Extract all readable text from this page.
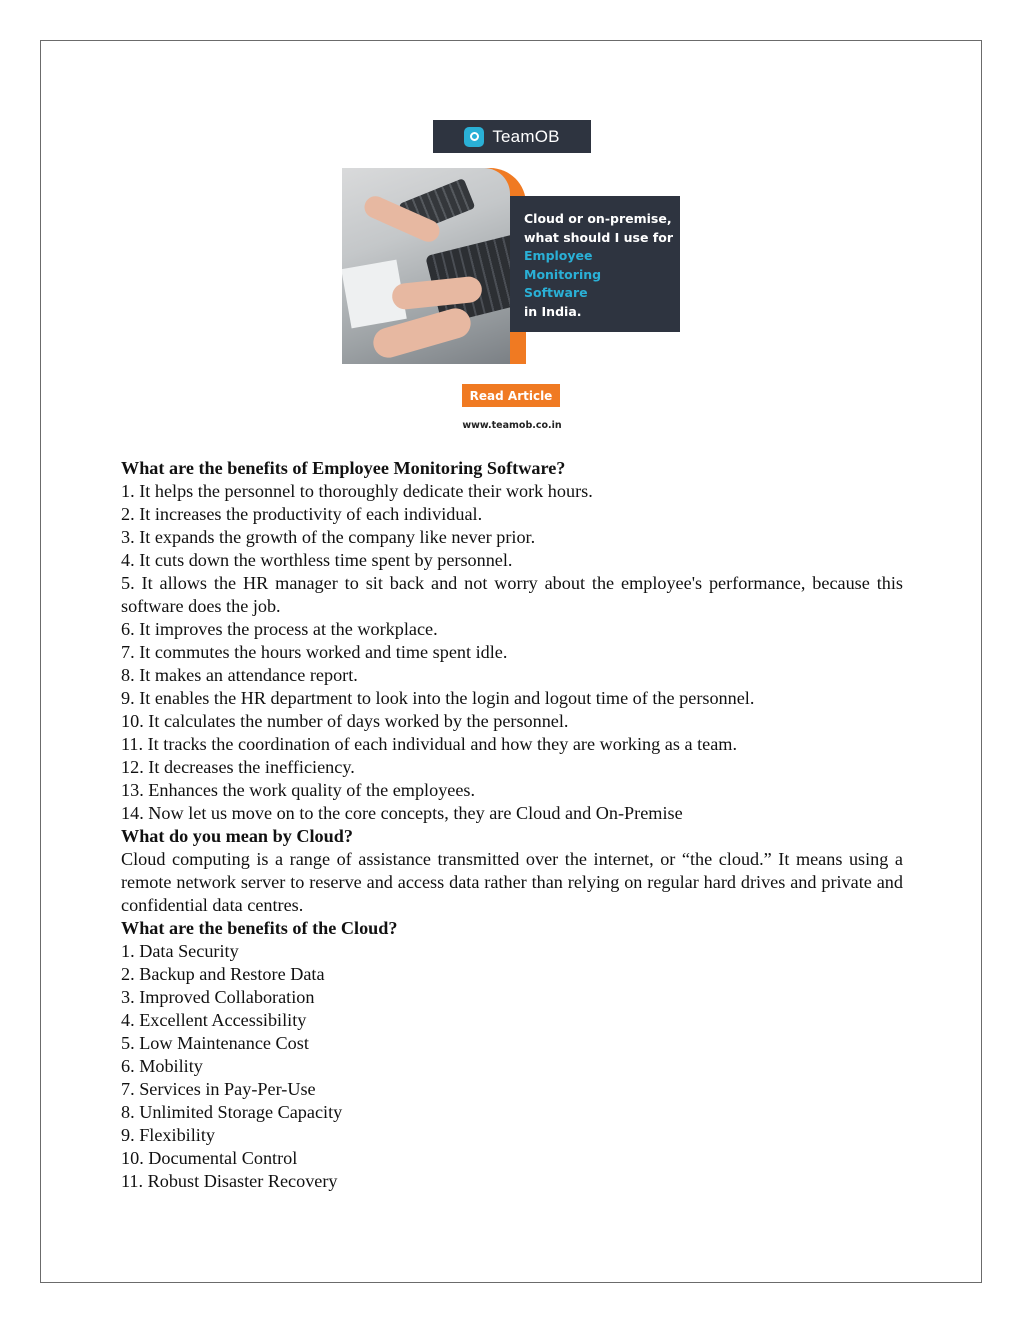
TeamOB
Cloud or on-premise,
what should I use for
Employee
Monitoring
Software
in India.
Read Article
www.teamob.co.in
What are the benefits of Employee Monitoring Software?
1. It helps the personnel to thoroughly dedicate their work hours.
2. It increases the productivity of each individual.
3. It expands the growth of the company like never prior.
4. It cuts down the worthless time spent by personnel.
5. It allows the HR manager to sit back and not worry about the employee's performance, because this software does the job.
6. It improves the process at the workplace.
7. It commutes the hours worked and time spent idle.
8. It makes an attendance report.
9. It enables the HR department to look into the login and logout time of the personnel.
10. It calculates the number of days worked by the personnel.
11. It tracks the coordination of each individual and how they are working as a team.
12. It decreases the inefficiency.
13. Enhances the work quality of the employees.
14. Now let us move on to the core concepts, they are Cloud and On-Premise
What do you mean by Cloud?

Cloud computing is a range of assistance transmitted over the internet, or “the cloud.” It means using a remote network server to reserve and access data rather than relying on regular hard drives and private and confidential data centres.

What are the benefits of the Cloud?
1. Data Security
2. Backup and Restore Data
3. Improved Collaboration
4. Excellent Accessibility
5. Low Maintenance Cost
6. Mobility
7. Services in Pay-Per-Use
8. Unlimited Storage Capacity
9. Flexibility
10. Documental Control
11. Robust Disaster Recovery
